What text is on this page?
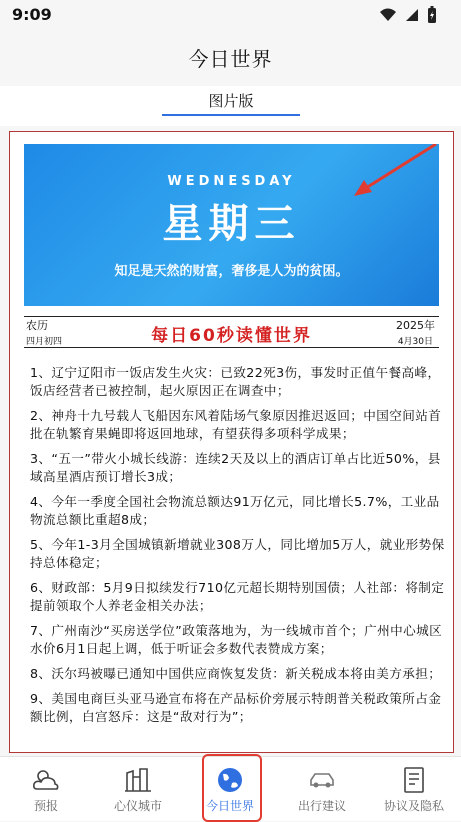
9:09
今日世界
图片版
WEDNESDAY
星期三
知足是天然的财富，奢侈是人为的贫困。
农历
四月初四	每日60秒读懂世界
2025年
4月30日

1、辽宁辽阳市一饭店发生火灾：已致22死3伤，事发时正值午餐高峰，饭店经营者已被控制，起火原因正在调查中；

2、神舟十九号载人飞船因东风着陆场气象原因推迟返回；中国空间站首批在轨繁育果蝇即将返回地球，有望获得多项科学成果；

3、“五一”带火小城长线游：连续2天及以上的酒店订单占比近50%，县域高星酒店预订增长3成；

4、今年一季度全国社会物流总额达91万亿元，同比增长5.7%，工业品物流总额比重超8成；

5、今年1-3月全国城镇新增就业308万人，同比增加5万人，就业形势保持总体稳定；

6、财政部：5月9日拟续发行710亿元超长期特别国债；人社部：将制定提前领取个人养老金相关办法；

7、广州南沙“买房送学位”政策落地为，为一线城市首个；广州中心城区水价6月1日起上调，低于听证会多数代表赞成方案；

8、沃尔玛被曝已通知中国供应商恢复发货：新关税成本将由美方承担；

9、美国电商巨头亚马逊宣布将在产品标价旁展示特朗普关税政策所占金额比例，白宫怒斥：这是“敌对行为”；

预报	心仪城市	今日世界	出行建议	协议及隐私
